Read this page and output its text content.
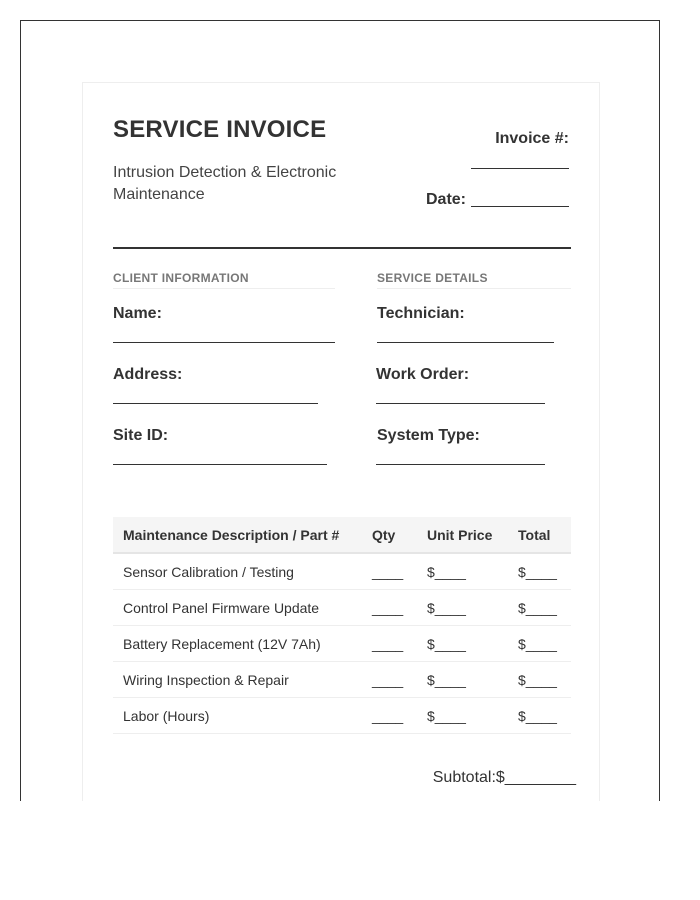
SERVICE INVOICE

Intrusion Detection & Electronic Maintenance

Invoice #:
Date:
CLIENT INFORMATION
Name:
Address:
Site ID:
SERVICE DETAILS
Technician:
Work Order:
System Type:
Maintenance Description / Part #	Qty	Unit Price	Total
Sensor Calibration / Testing	____	$____	$____
Control Panel Firmware Update	____	$____	$____
Battery Replacement (12V 7Ah)	____	$____	$____
Wiring Inspection & Repair	____	$____	$____
Labor (Hours)	____	$____	$____
Subtotal:$________
